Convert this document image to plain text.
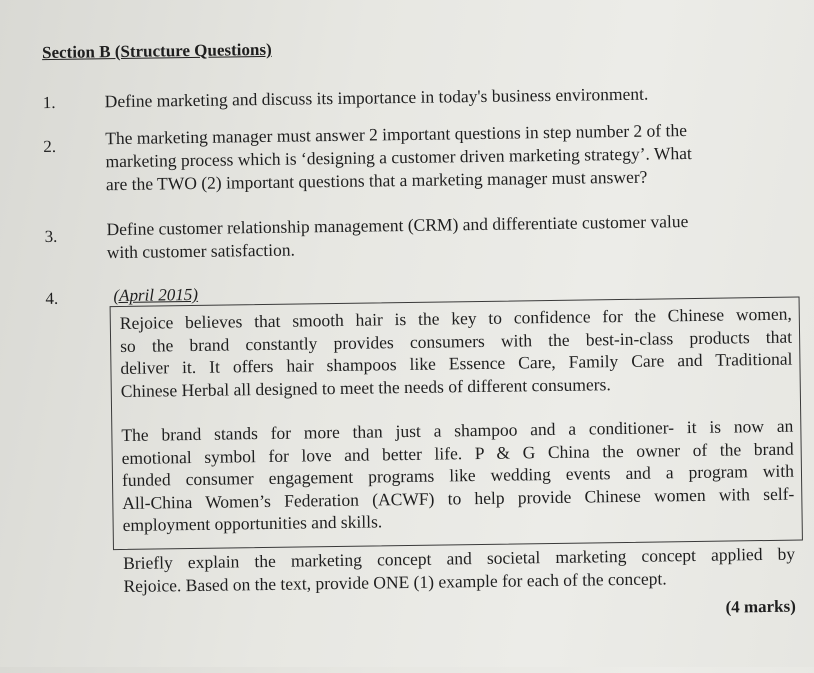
Section B (Structure Questions)
1.	Define marketing and discuss its importance in today's business environment.
2.	The marketing manager must answer 2 important questions in step number 2 of the
marketing process which is ‘designing a customer driven marketing strategy’. What
are the TWO (2) important questions that a marketing manager must answer?
3.	Define customer relationship management (CRM) and differentiate customer value
with customer satisfaction.
4.	(April 2015)
Rejoice believes that smooth hair is the key to confidence for the Chinese women,
so the brand constantly provides consumers with the best-in-class products that
deliver it. It offers hair shampoos like Essence Care, Family Care and Traditional
Chinese Herbal all designed to meet the needs of different consumers.
The brand stands for more than just a shampoo and a conditioner- it is now an
emotional symbol for love and better life. P & G China the owner of the brand
funded consumer engagement programs like wedding events and a program with
All-China Women’s Federation (ACWF) to help provide Chinese women with self-
employment opportunities and skills.
Briefly explain the marketing concept and societal marketing concept applied by
Rejoice. Based on the text, provide ONE (1) example for each of the concept.
(4 marks)
